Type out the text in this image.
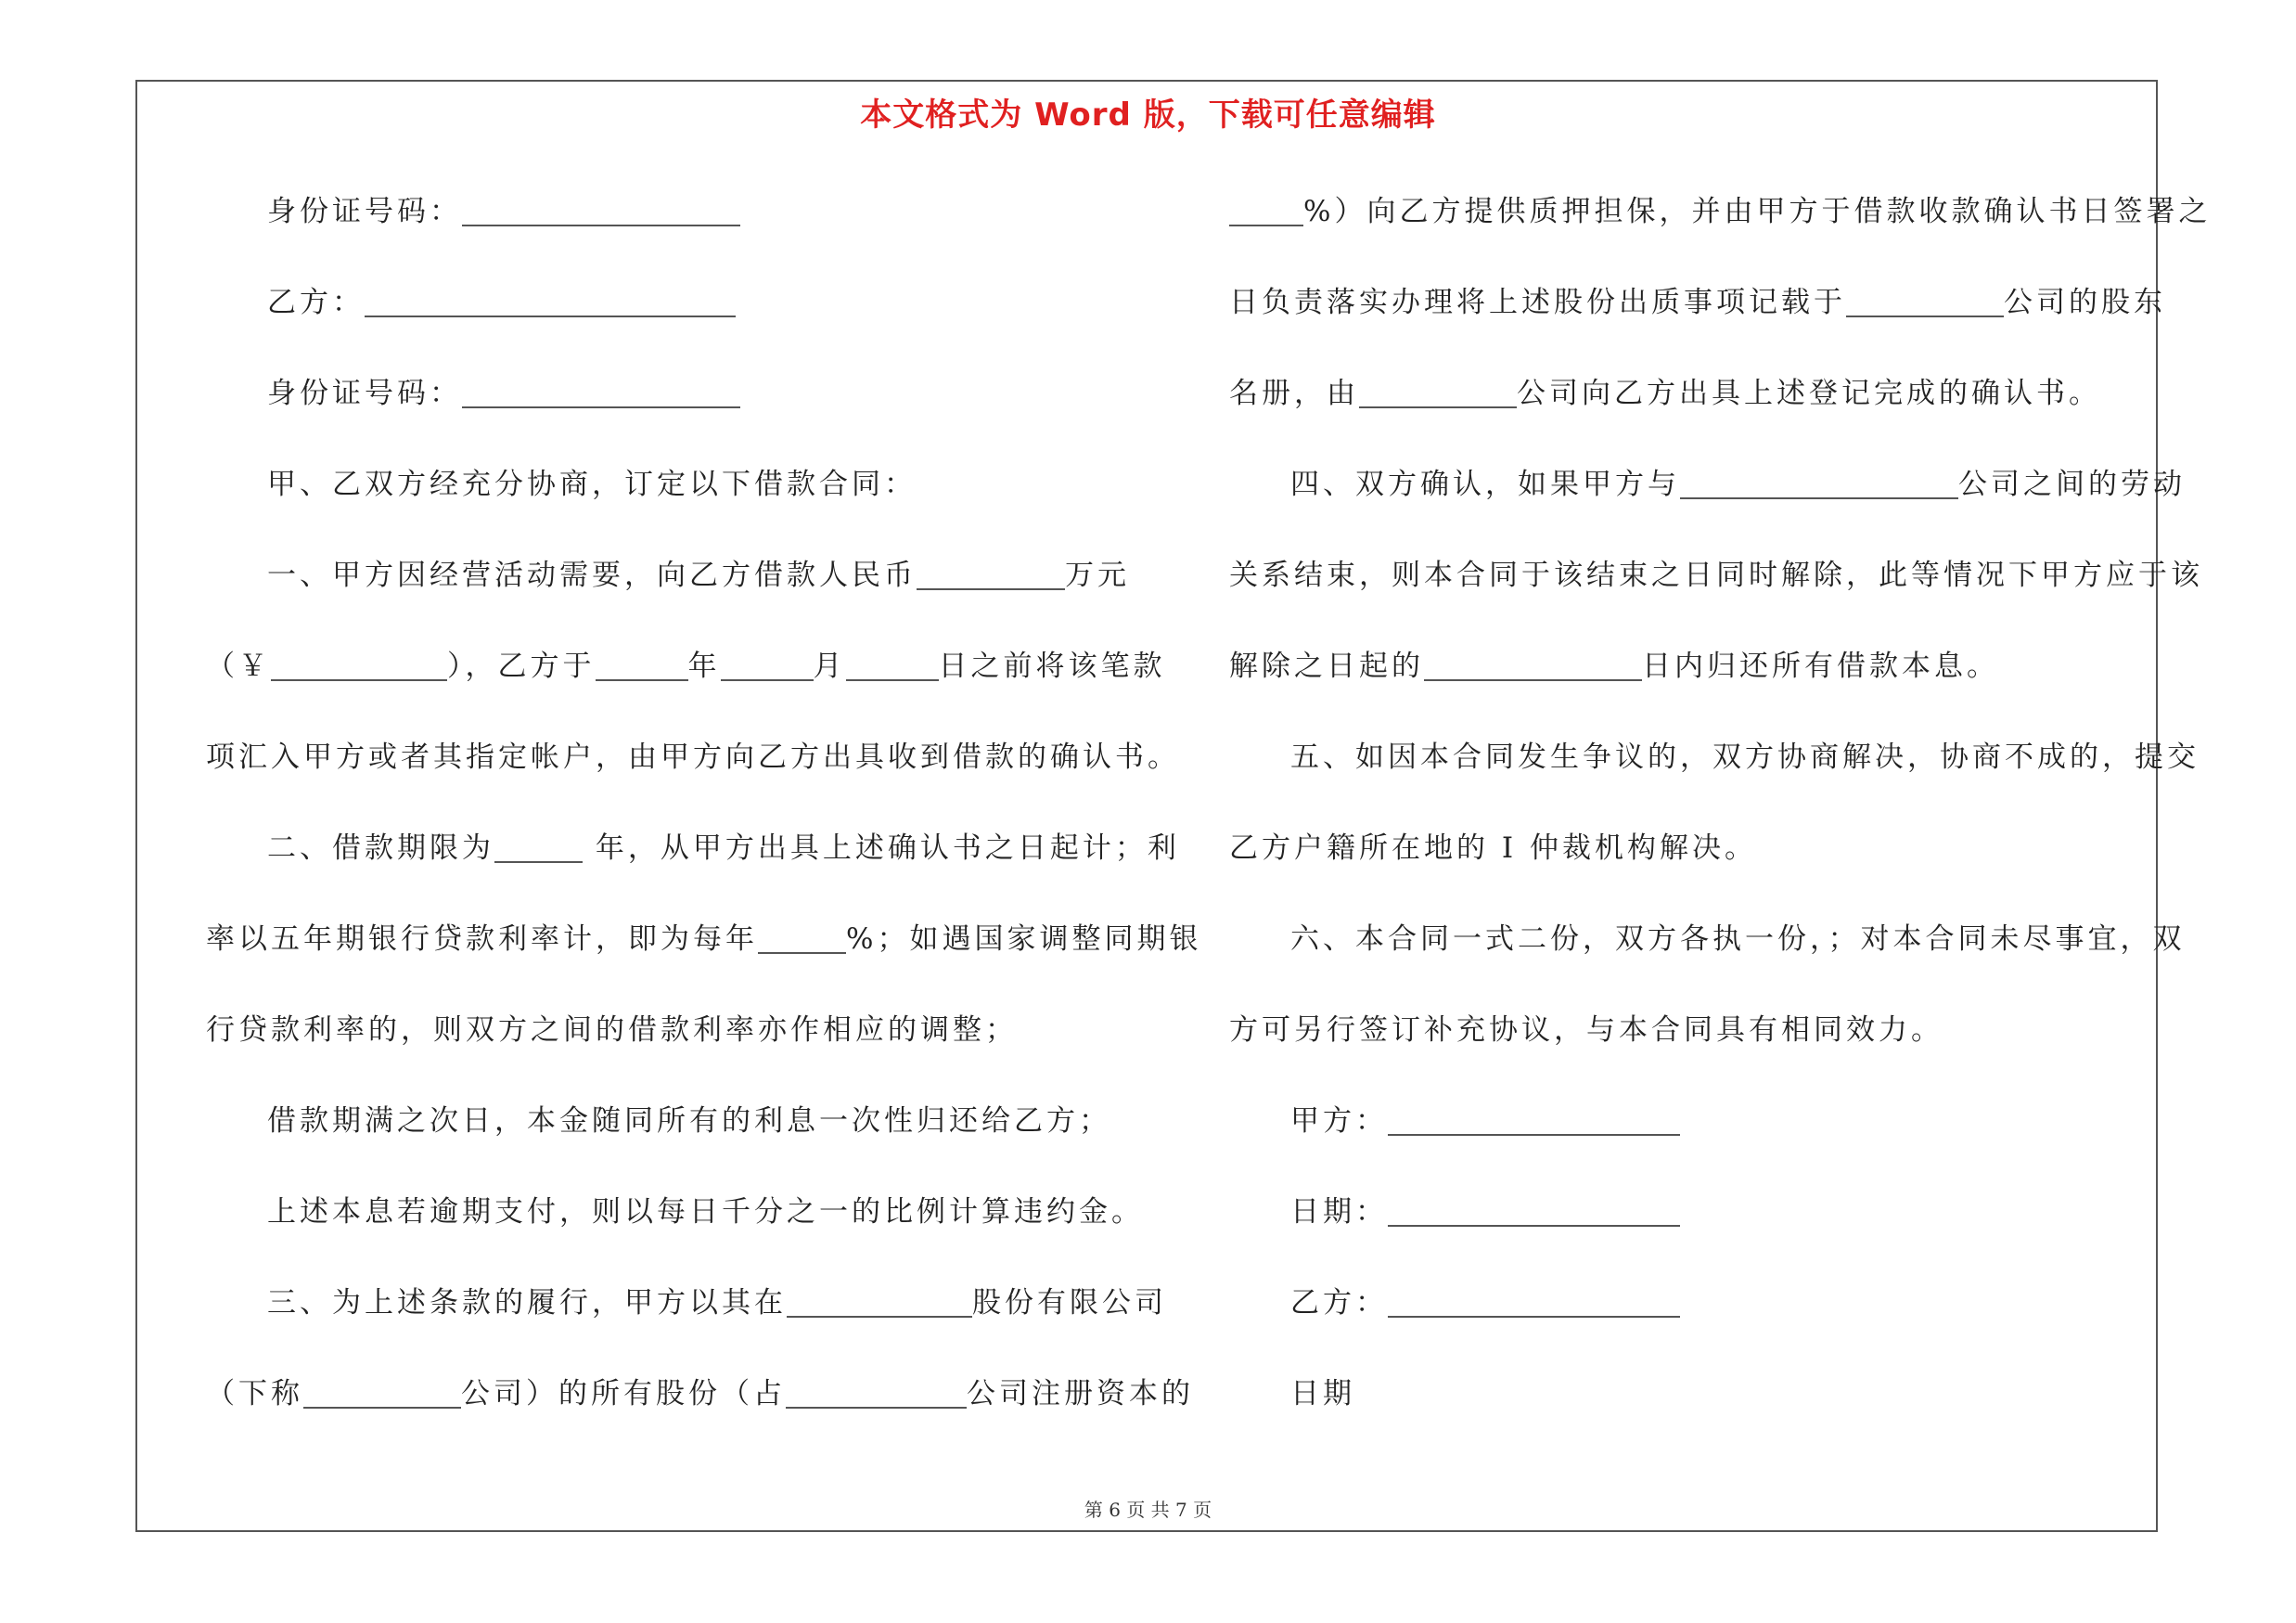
本文格式为 Word 版，下载可任意编辑
身份证号码：
乙方：
身份证号码：
甲、乙双方经充分协商，订定以下借款合同：
一、甲方因经营活动需要，向乙方借款人民币	万元
（￥	），乙方于	年	月	日之前将该笔款
项汇入甲方或者其指定帐户，由甲方向乙方出具收到借款的确认书。
二、借款期限为	年，从甲方出具上述确认书之日起计；利
率以五年期银行贷款利率计，即为每年	%；如遇国家调整同期银
行贷款利率的，则双方之间的借款利率亦作相应的调整；
借款期满之次日，本金随同所有的利息一次性归还给乙方；
上述本息若逾期支付，则以每日千分之一的比例计算违约金。
三、为上述条款的履行，甲方以其在	股份有限公司
（下称	公司）的所有股份（占	公司注册资本的
%）向乙方提供质押担保，并由甲方于借款收款确认书日签署之
日负责落实办理将上述股份出质事项记载于	公司的股东
名册，由	公司向乙方出具上述登记完成的确认书。
四、双方确认，如果甲方与	公司之间的劳动
关系结束，则本合同于该结束之日同时解除，此等情况下甲方应于该
解除之日起的	日内归还所有借款本息。
五、如因本合同发生争议的，双方协商解决，协商不成的，提交
乙方户籍所在地的 I 仲裁机构解决。
六、本合同一式二份，双方各执一份，；对本合同未尽事宜，双
方可另行签订补充协议，与本合同具有相同效力。
甲方：
日期：
乙方：
日期
第 6 页 共 7 页
